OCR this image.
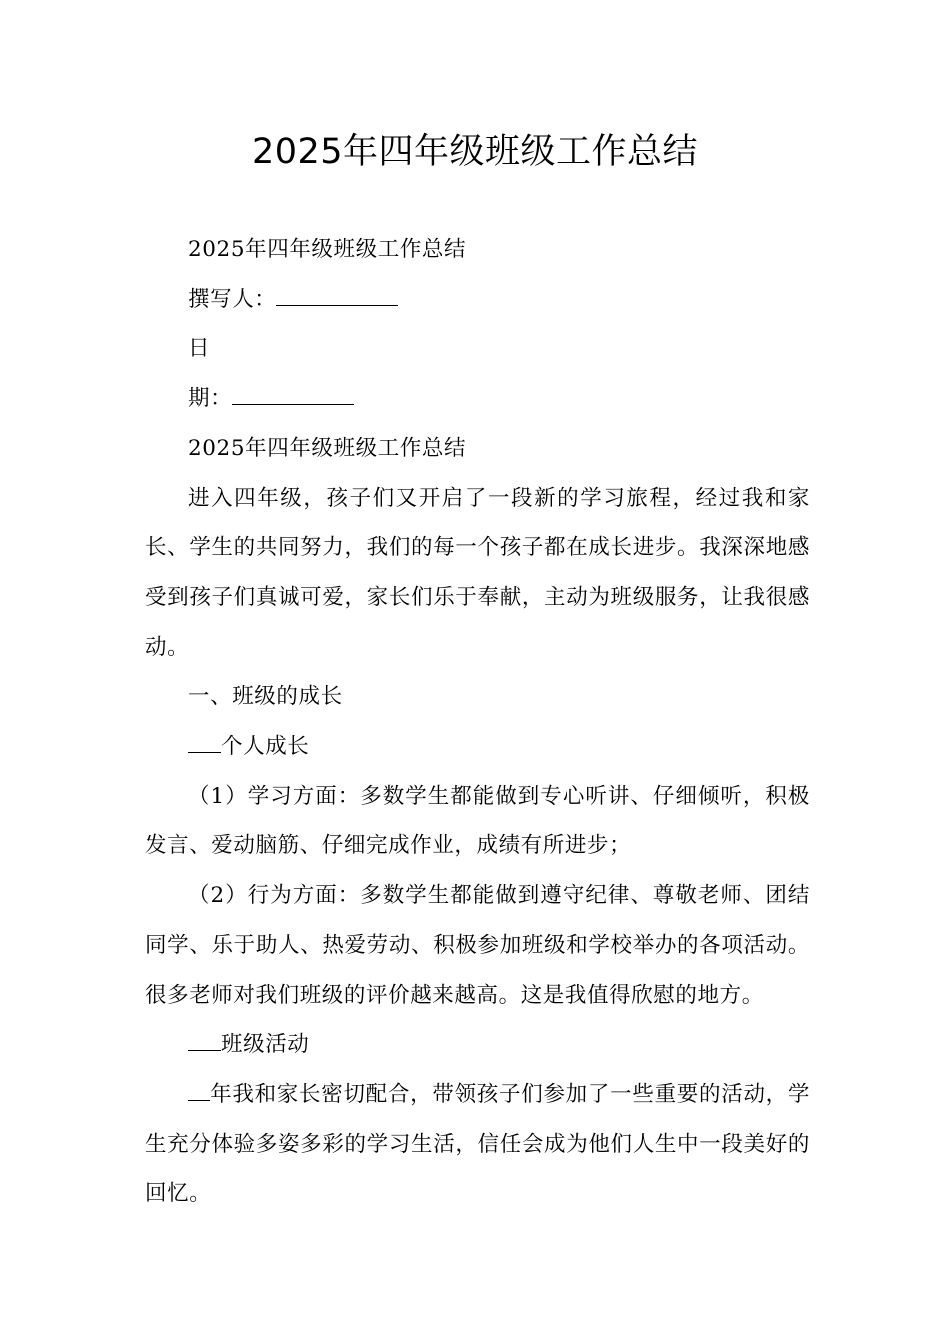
2025年四年级班级工作总结

2025年四年级班级工作总结

撰写人：

日

期：

2025年四年级班级工作总结

进入四年级，孩子们又开启了一段新的学习旅程，经过我和家长、学生的共同努力，我们的每一个孩子都在成长进步。我深深地感受到孩子们真诚可爱，家长们乐于奉献，主动为班级服务，让我很感动。

一、班级的成长

个人成长

（1）学习方面：多数学生都能做到专心听讲、仔细倾听，积极发言、爱动脑筋、仔细完成作业，成绩有所进步；

（2）行为方面：多数学生都能做到遵守纪律、尊敬老师、团结同学、乐于助人、热爱劳动、积极参加班级和学校举办的各项活动。很多老师对我们班级的评价越来越高。这是我值得欣慰的地方。

班级活动

年我和家长密切配合，带领孩子们参加了一些重要的活动，学生充分体验多姿多彩的学习生活，信任会成为他们人生中一段美好的回忆。
